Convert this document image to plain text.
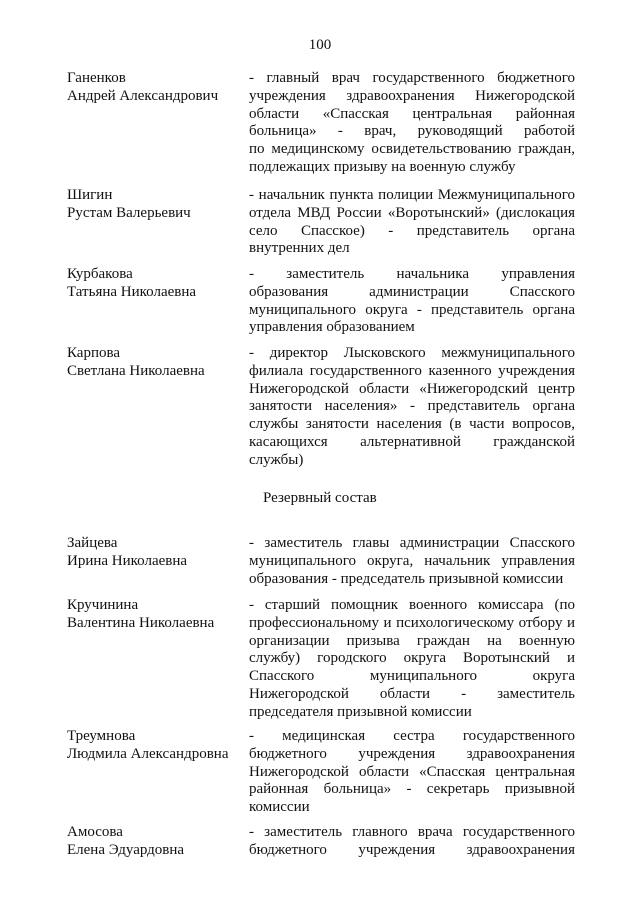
100
Ганенков
Андрей Александрович
- главный врач государственного бюджетного
учреждения здравоохранения Нижегородской
области «Спасская центральная районная
больница» - врач, руководящий работой
по медицинскому освидетельствованию граждан,
подлежащих призыву на военную службу
Шигин
Рустам Валерьевич
- начальник пункта полиции Межмуниципального
отдела МВД России «Воротынский» (дислокация
село Спасское) - представитель органа
внутренних дел
Курбакова
Татьяна Николаевна
- заместитель начальника управления
образования администрации Спасского
муниципального округа - представитель органа
управления образованием
Карпова
Светлана Николаевна
- директор Лысковского межмуниципального
филиала государственного казенного учреждения
Нижегородской области «Нижегородский центр
занятости населения» - представитель органа
службы занятости населения (в части вопросов,
касающихся альтернативной гражданской
службы)
Резервный состав
Зайцева
Ирина Николаевна
- заместитель главы администрации Спасского
муниципального округа, начальник управления
образования - председатель призывной комиссии
Кручинина
Валентина Николаевна
- старший помощник военного комиссара (по
профессиональному и психологическому отбору и
организации призыва граждан на военную
службу) городского округа Воротынский и
Спасского муниципального округа
Нижегородской области - заместитель
председателя призывной комиссии
Треумнова
Людмила Александровна
- медицинская сестра государственного
бюджетного учреждения здравоохранения
Нижегородской области «Спасская центральная
районная больница» - секретарь призывной
комиссии
Амосова
Елена Эдуардовна
- заместитель главного врача государственного
бюджетного учреждения здравоохранения
